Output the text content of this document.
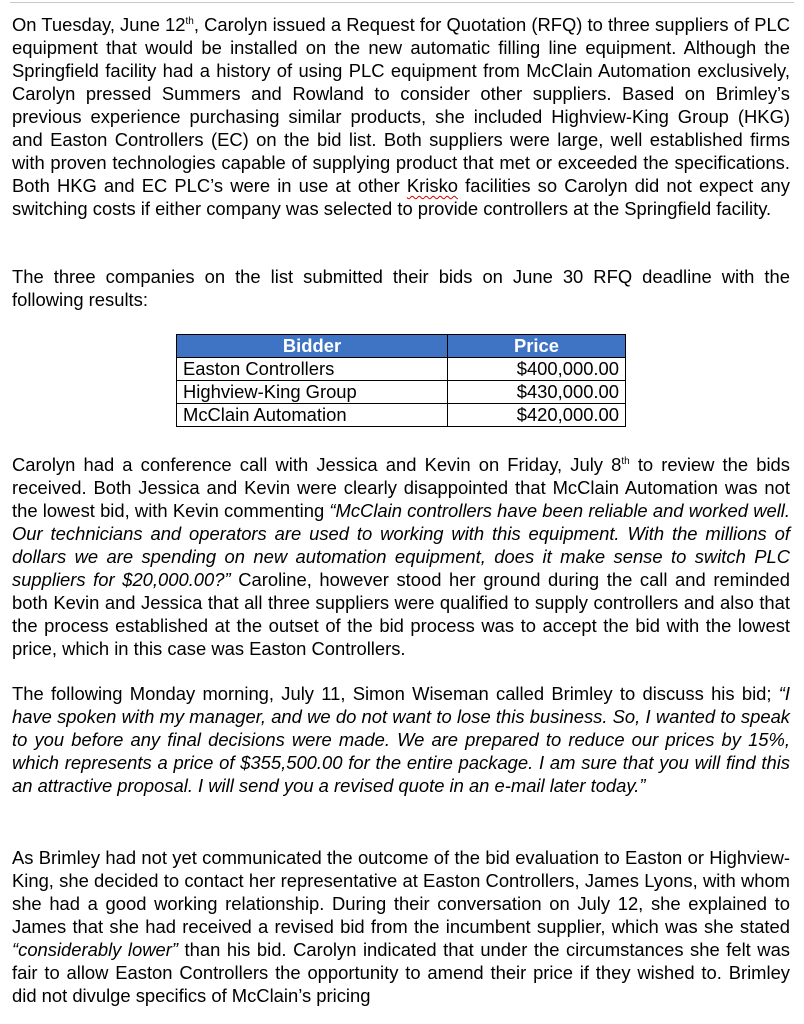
On Tuesday, June 12th, Carolyn issued a Request for Quotation (RFQ) to three suppliers of PLC equipment that would be installed on the new automatic filling line equipment. Although the Springfield facility had a history of using PLC equipment from McClain Automation exclusively, Carolyn pressed Summers and Rowland to consider other suppliers. Based on Brimley’s previous experience purchasing similar products, she included Highview-King Group (HKG) and Easton Controllers (EC) on the bid list. Both suppliers were large, well established firms with proven technologies capable of supplying product that met or exceeded the specifications. Both HKG and EC PLC’s were in use at other Krisko facilities so Carolyn did not expect any switching costs if either company was selected to provide controllers at the Springfield facility.

The three companies on the list submitted their bids on June 30 RFQ deadline with the following results:

Bidder	Price
Easton Controllers	$400,000.00
Highview-King Group	$430,000.00
McClain Automation	$420,000.00

Carolyn had a conference call with Jessica and Kevin on Friday, July 8th to review the bids received. Both Jessica and Kevin were clearly disappointed that McClain Automation was not the lowest bid, with Kevin commenting “McClain controllers have been reliable and worked well. Our technicians and operators are used to working with this equipment. With the millions of dollars we are spending on new automation equipment, does it make sense to switch PLC suppliers for $20,000.00?” Caroline, however stood her ground during the call and reminded both Kevin and Jessica that all three suppliers were qualified to supply controllers and also that the process established at the outset of the bid process was to accept the bid with the lowest price, which in this case was Easton Controllers.

The following Monday morning, July 11, Simon Wiseman called Brimley to discuss his bid; “I have spoken with my manager, and we do not want to lose this business. So, I wanted to speak to you before any final decisions were made. We are prepared to reduce our prices by 15%, which represents a price of $355,500.00 for the entire package. I am sure that you will find this an attractive proposal. I will send you a revised quote in an e-mail later today.”

As Brimley had not yet communicated the outcome of the bid evaluation to Easton or Highview-King, she decided to contact her representative at Easton Controllers, James Lyons, with whom she had a good working relationship. During their conversation on July 12, she explained to James that she had received a revised bid from the incumbent supplier, which was she stated “considerably lower” than his bid. Carolyn indicated that under the circumstances she felt was fair to allow Easton Controllers the opportunity to amend their price if they wished to. Brimley did not divulge specifics of McClain’s pricing
